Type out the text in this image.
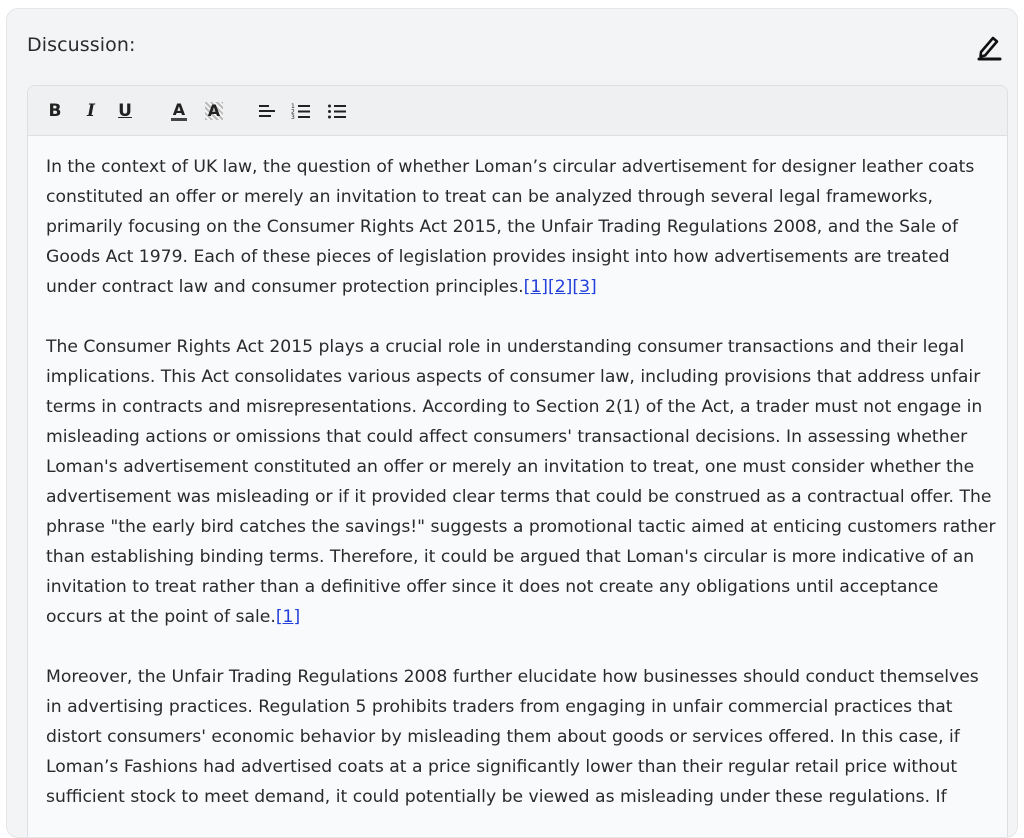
Discussion:
B I U	A A	1
2
3

In the context of UK law, the question of whether Loman’s circular advertisement for designer leather coats constituted an offer or merely an invitation to treat can be analyzed through several legal frameworks, primarily focusing on the Consumer Rights Act 2015, the Unfair Trading Regulations 2008, and the Sale of Goods Act 1979. Each of these pieces of legislation provides insight into how advertisements are treated under contract law and consumer protection principles.[1][2][3]

The Consumer Rights Act 2015 plays a crucial role in understanding consumer transactions and their legal implications. This Act consolidates various aspects of consumer law, including provisions that address unfair terms in contracts and misrepresentations. According to Section 2(1) of the Act, a trader must not engage in misleading actions or omissions that could affect consumers' transactional decisions. In assessing whether Loman's advertisement constituted an offer or merely an invitation to treat, one must consider whether the advertisement was misleading or if it provided clear terms that could be construed as a contractual offer. The phrase "the early bird catches the savings!" suggests a promotional tactic aimed at enticing customers rather than establishing binding terms. Therefore, it could be argued that Loman's circular is more indicative of an invitation to treat rather than a definitive offer since it does not create any obligations until acceptance occurs at the point of sale.[1]

Moreover, the Unfair Trading Regulations 2008 further elucidate how businesses should conduct themselves in advertising practices. Regulation 5 prohibits traders from engaging in unfair commercial practices that distort consumers' economic behavior by misleading them about goods or services offered. In this case, if Loman’s Fashions had advertised coats at a price significantly lower than their regular retail price without sufficient stock to meet demand, it could potentially be viewed as misleading under these regulations. If
